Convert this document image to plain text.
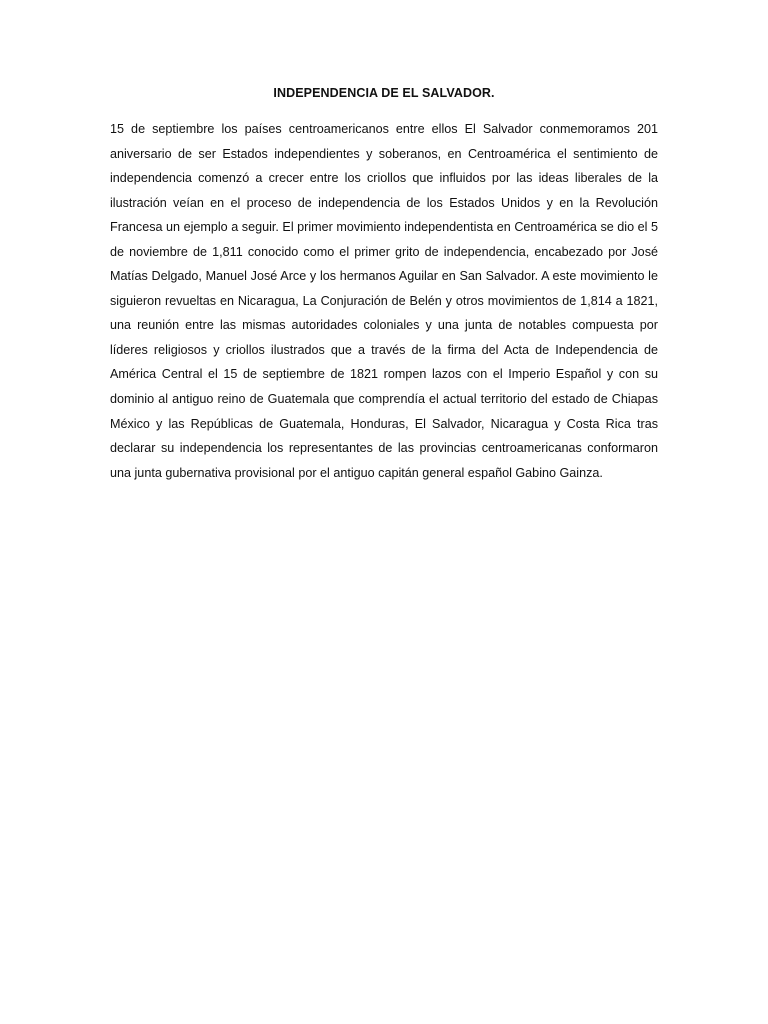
INDEPENDENCIA DE EL SALVADOR.

15 de septiembre los países centroamericanos entre ellos El Salvador conmemoramos 201 aniversario de ser Estados independientes y soberanos, en Centroamérica el sentimiento de independencia comenzó a crecer entre los criollos que influidos por las ideas liberales de la ilustración veían en el proceso de independencia de los Estados Unidos y en la Revolución Francesa un ejemplo a seguir. El primer movimiento independentista en Centroamérica se dio el 5 de noviembre de 1,811 conocido como el primer grito de independencia, encabezado por José Matías Delgado, Manuel José Arce y los hermanos Aguilar en San Salvador. A este movimiento le siguieron revueltas en Nicaragua, La Conjuración de Belén y otros movimientos de 1,814 a 1821, una reunión entre las mismas autoridades coloniales y una junta de notables compuesta por líderes religiosos y criollos ilustrados que a través de la firma del Acta de Independencia de América Central el 15 de septiembre de 1821 rompen lazos con el Imperio Español y con su dominio al antiguo reino de Guatemala que comprendía el actual territorio del estado de Chiapas México y las Repúblicas de Guatemala, Honduras, El Salvador, Nicaragua y Costa Rica tras declarar su independencia los representantes de las provincias centroamericanas conformaron una junta gubernativa provisional por el antiguo capitán general español Gabino Gainza.
